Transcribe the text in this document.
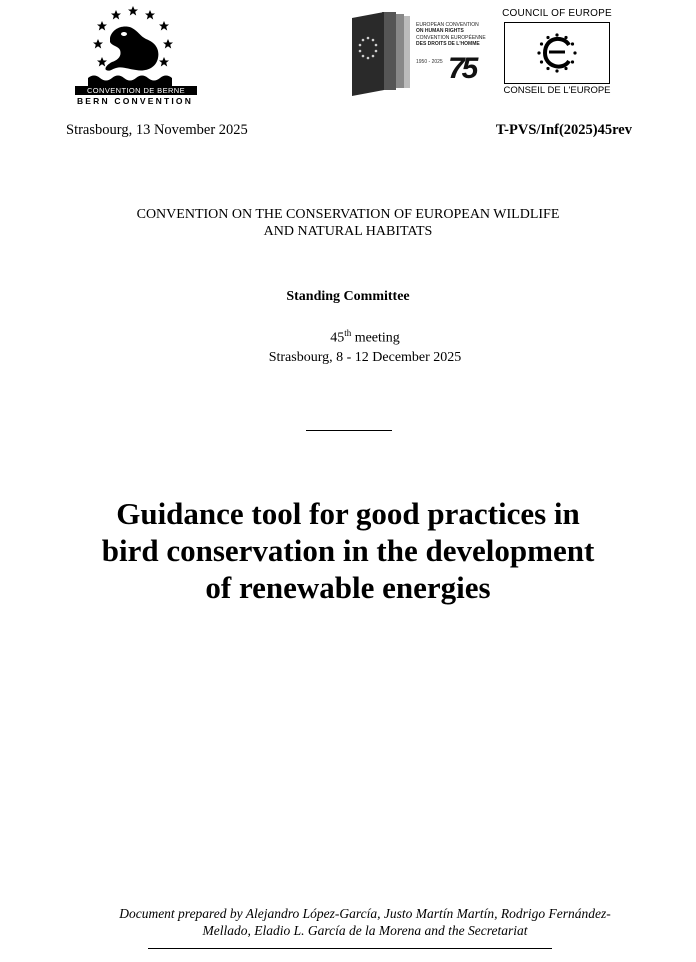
CONVENTION DE BERNE
BERN CONVENTION
EUROPEAN CONVENTION
ON HUMAN RIGHTS
CONVENTION EUROPÉENNE
DES DROITS DE L'HOMME
1950 - 2025 75
COUNCIL OF EUROPE
CONSEIL DE L'EUROPE
Strasbourg, 13 November 2025	T-PVS/Inf(2025)45rev
CONVENTION ON THE CONSERVATION OF EUROPEAN WILDLIFE
AND NATURAL HABITATS
Standing Committee
45th meeting
Strasbourg, 8 - 12 December 2025
Guidance tool for good practices in
bird conservation in the development
of renewable energies
Document prepared by Alejandro López-García, Justo Martín Martín, Rodrigo Fernández-
Mellado, Eladio L. García de la Morena and the Secretariat
